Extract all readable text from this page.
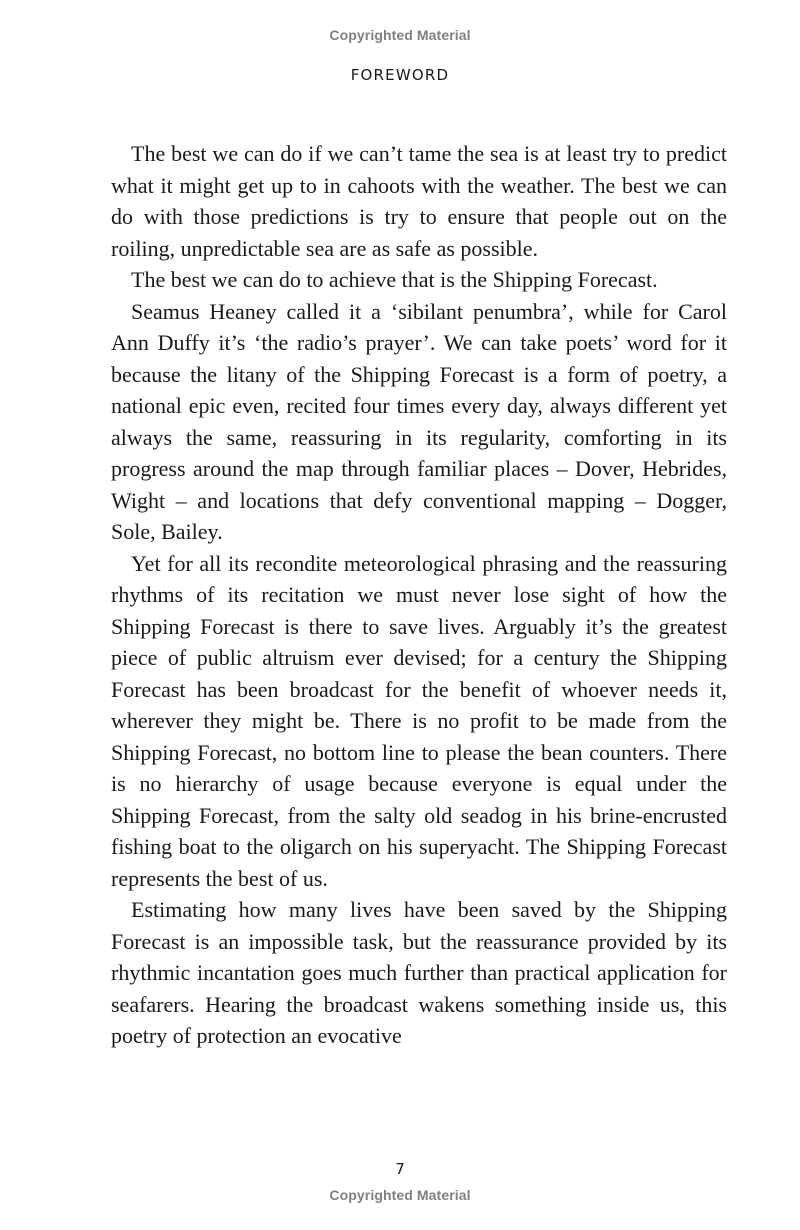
Copyrighted Material
FOREWORD

The best we can do if we can’t tame the sea is at least try to predict what it might get up to in cahoots with the weather. The best we can do with those predictions is try to ensure that people out on the roiling, unpredictable sea are as safe as possible.

The best we can do to achieve that is the Shipping Forecast.

Seamus Heaney called it a ‘sibilant penumbra’, while for Carol Ann Duffy it’s ‘the radio’s prayer’. We can take poets’ word for it because the litany of the Shipping Forecast is a form of poetry, a national epic even, recited four times every day, always different yet always the same, reassuring in its regularity, comforting in its progress around the map through familiar places – Dover, Hebrides, Wight – and locations that defy conventional mapping – Dogger, Sole, Bailey.

Yet for all its recondite meteorological phrasing and the reassuring rhythms of its recitation we must never lose sight of how the Shipping Forecast is there to save lives. Arguably it’s the greatest piece of public altruism ever devised; for a century the Shipping Forecast has been broadcast for the benefit of whoever needs it, wherever they might be. There is no profit to be made from the Shipping Forecast, no bottom line to please the bean counters. There is no hierarchy of usage because everyone is equal under the Shipping Forecast, from the salty old seadog in his brine-encrusted fishing boat to the oligarch on his superyacht. The Shipping Forecast represents the best of us.

Estimating how many lives have been saved by the Shipping Forecast is an impossible task, but the reassurance provided by its rhythmic incantation goes much further than practical application for seafarers. Hearing the broadcast wakens something inside us, this poetry of protection an evocative

7
Copyrighted Material
